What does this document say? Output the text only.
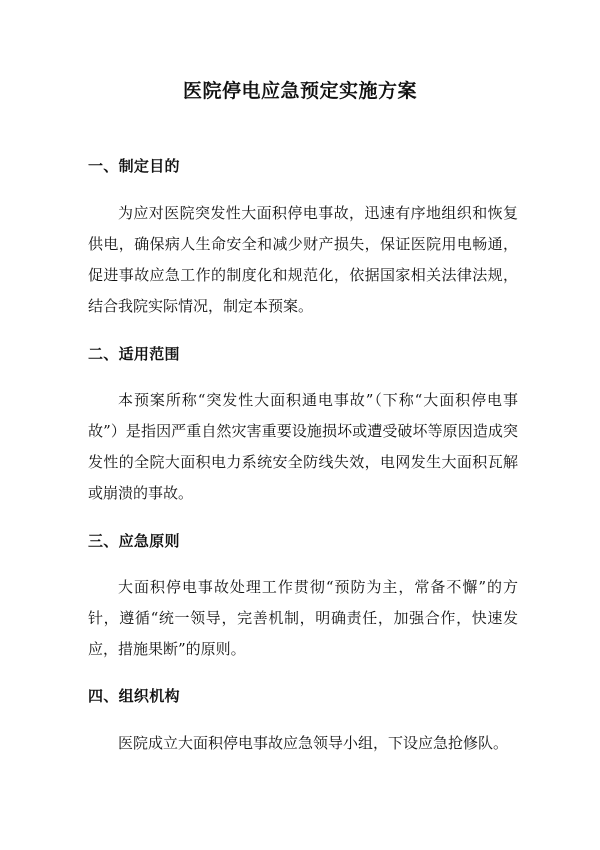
医院停电应急预定实施方案
一、制定目的
为应对医院突发性大面积停电事故，迅速有序地组织和恢复供电，确保病人生命安全和减少财产损失，保证医院用电畅通，促进事故应急工作的制度化和规范化，依据国家相关法律法规，结合我院实际情况，制定本预案。
二、适用范围
本预案所称“突发性大面积通电事故”（下称“大面积停电事故”）是指因严重自然灾害重要设施损坏或遭受破坏等原因造成突发性的全院大面积电力系统安全防线失效，电网发生大面积瓦解或崩溃的事故。
三、应急原则
大面积停电事故处理工作贯彻“预防为主，常备不懈”的方针，遵循“统一领导，完善机制，明确责任，加强合作，快速发应，措施果断”的原则。
四、组织机构
医院成立大面积停电事故应急领导小组，下设应急抢修队。
